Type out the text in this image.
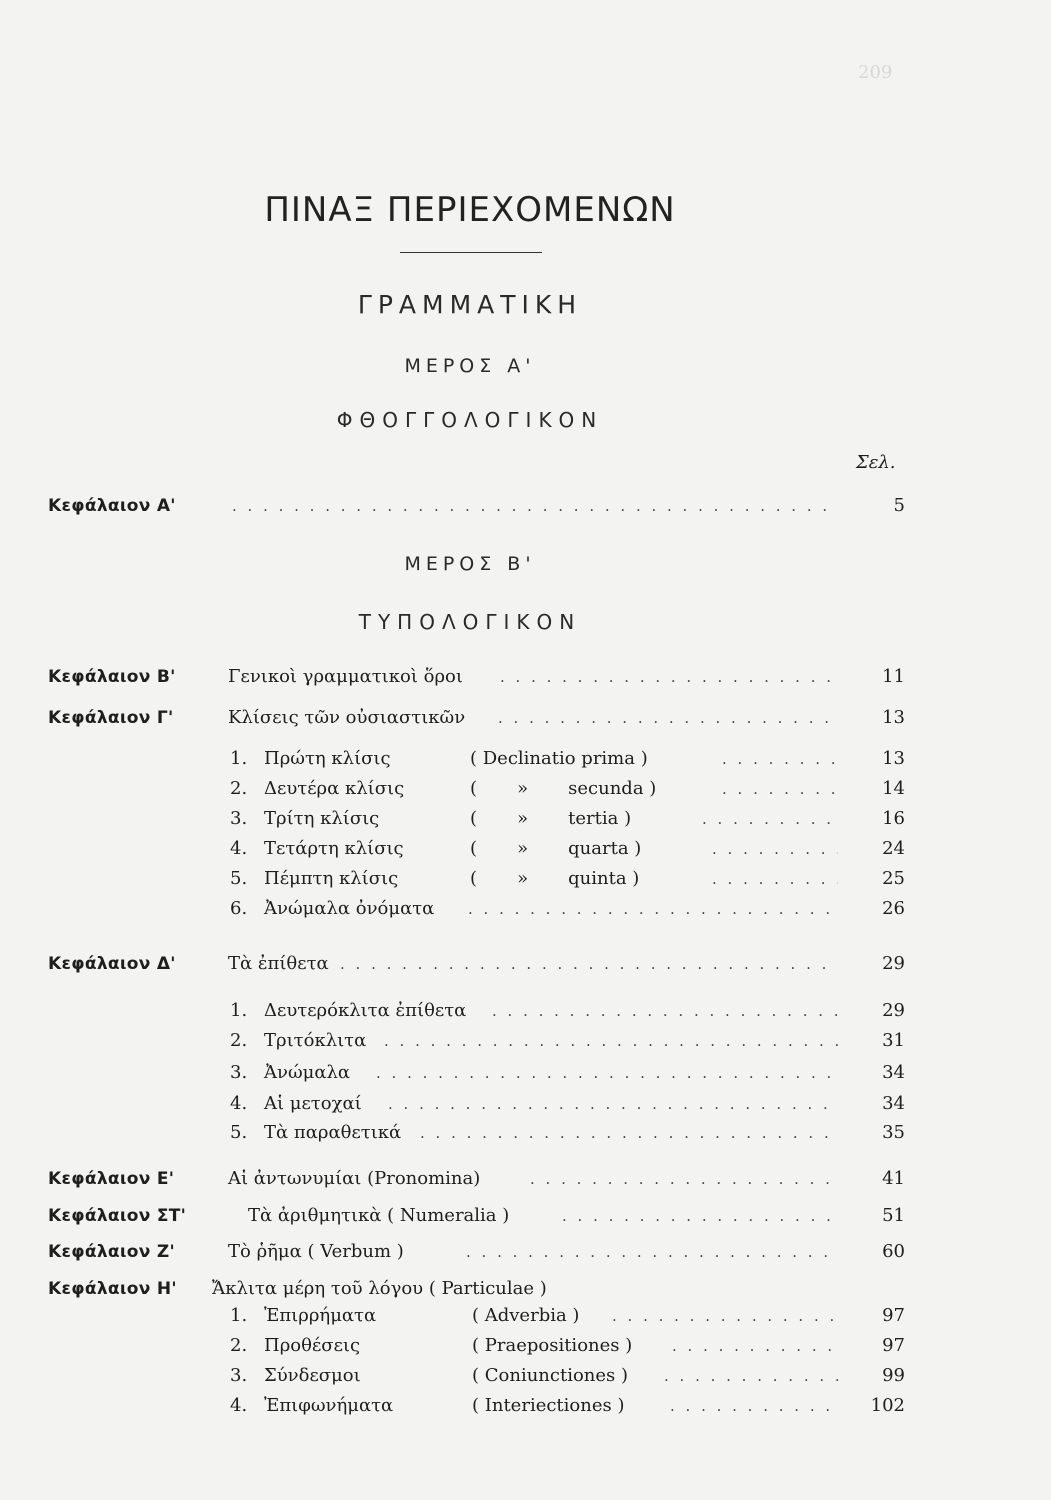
209
ΠΙΝΑΞ ΠΕΡΙΕΧΟΜΕΝΩΝ
ΓΡΑΜΜΑΤΙΚΗ
ΜΕΡΟΣ Α'
ΦΘΟΓΓΟΛΟΓΙΚΟΝ
Σελ.
Κεφάλαιον Α' . . .	5
ΜΕΡΟΣ Β'
ΤΥΠΟΛΟΓΙΚΟΝ
Κεφάλαιον Β'	Γενικοὶ γραμματικοὶ ὅροι . . .	11
Κεφάλαιον Γ'	Κλίσεις τῶν οὐσιαστικῶν . . .	13
1. Πρώτη κλίσις	( Declinatio prima ) . . .	13
2. Δευτέρα κλίσις	(       »       secunda ) . . .	14
3. Τρίτη κλίσις	(       »       tertia ) . . .	16
4. Τετάρτη κλίσις	(       »       quarta ) . . .	24
5. Πέμπτη κλίσις	(       »       quinta ) . . .	25
6. Ἀνώμαλα ὀνόματα . . .	26
Κεφάλαιον Δ'	Τὰ ἐπίθετα . . .	29
1. Δευτερόκλιτα ἐπίθετα . . .	29
2. Τριτόκλιτα . . .	31
3. Ἀνώμαλα . . .	34
4. Αἱ μετοχαί . . .	34
5. Τὰ παραθετικά . . .	35
Κεφάλαιον Ε'	Αἱ ἀντωνυμίαι (Pronomina) . . .	41
Κεφάλαιον ΣΤ'	Τὰ ἀριθμητικὰ ( Numeralia ) . . .	51
Κεφάλαιον Ζ'	Τὸ ῥῆμα ( Verbum ) . . .	60
Κεφάλαιον Η' Ἄκλιτα μέρη τοῦ λόγου ( Particulae )
1. Ἐπιρρήματα	( Adverbia ) . . .	97
2. Προθέσεις	( Praepositiones ) . . .	97
3. Σύνδεσμοι	( Coniunctiones ) . . .	99
4. Ἐπιφωνήματα	( Interiectiones ) . . .	102
